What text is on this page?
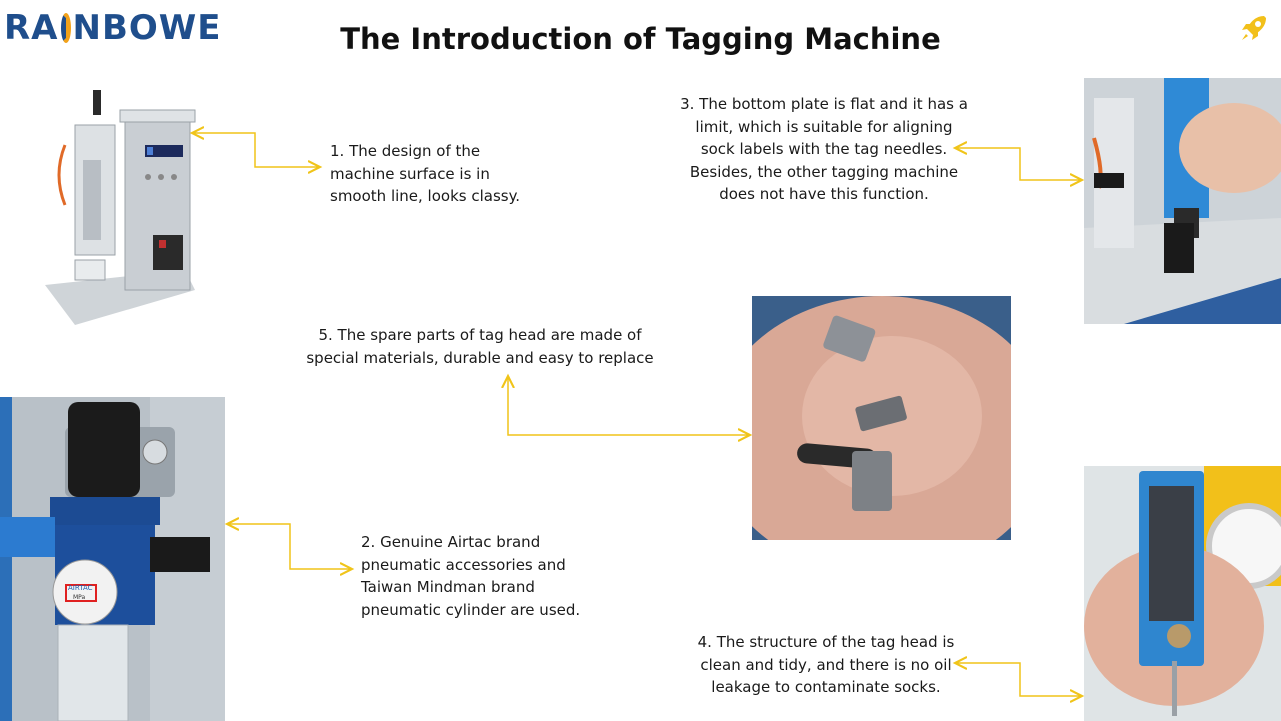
RA NBOWE	The Introduction of Tagging Machine
AIRTAC
MPa
1. The design of the machine surface is in smooth line, looks classy.
2. Genuine Airtac brand pneumatic accessories and Taiwan Mindman brand pneumatic cylinder are used.
3. The bottom plate is flat and it has a limit, which is suitable for aligning sock labels with the tag needles. Besides, the other tagging machine does not have this function.
4. The structure of the tag head is clean and tidy, and there is no oil leakage to contaminate socks.
5. The spare parts of tag head are made of special materials, durable and easy to replace
